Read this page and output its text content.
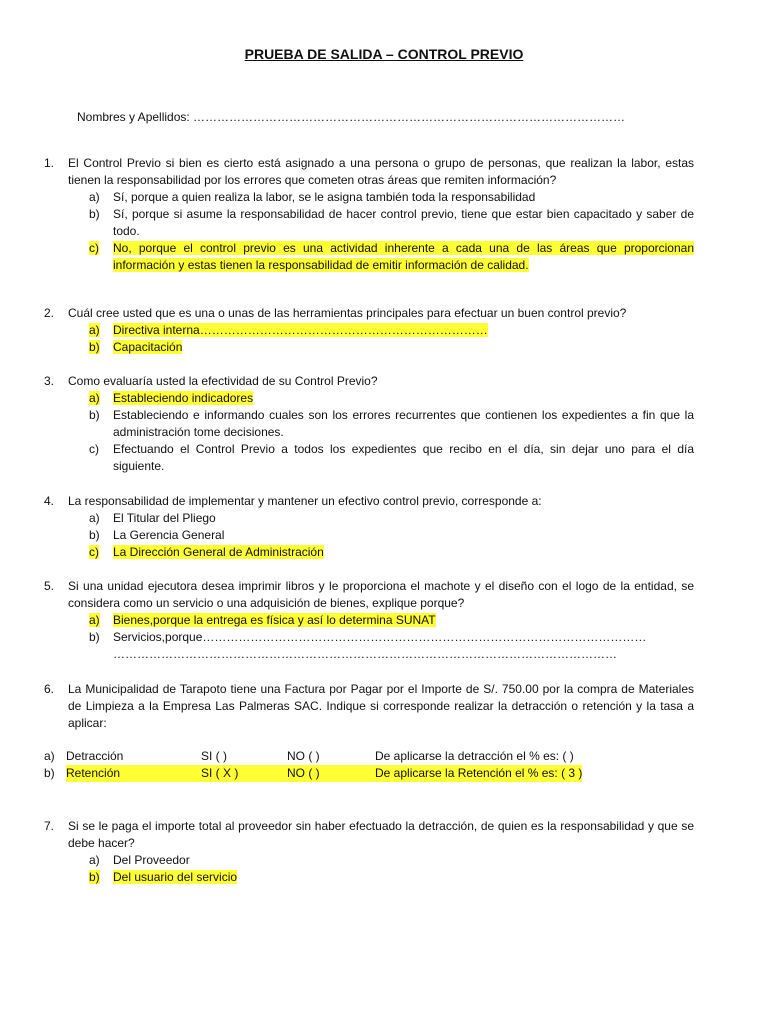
PRUEBA DE SALIDA – CONTROL PREVIO
Nombres y Apellidos: ………………………………………………………………………………………………
1.	El Control Previo si bien es cierto está asignado a una persona o grupo de personas, que realizan la labor, estas tienen la responsabilidad por los errores que cometen otras áreas que remiten información?
a)	Sí, porque a quien realiza la labor, se le asigna también toda la responsabilidad
b)	Sí, porque si asume la responsabilidad de hacer control previo, tiene que estar bien capacitado y saber de todo.
c)	No, porque el control previo es una actividad inherente a cada una de las áreas que proporcionan información y estas tienen la responsabilidad de emitir información de calidad.
2.	Cuál cree usted que es una o unas de las herramientas principales para efectuar un buen control previo?
a)	Directiva interna………………………………………………………………
b)	Capacitación
3.	Como evaluaría usted la efectividad de su Control Previo?
a)	Estableciendo indicadores
b)	Estableciendo e informando cuales son los errores recurrentes que contienen los expedientes a fin que la administración tome decisiones.
c)	Efectuando el Control Previo a todos los expedientes que recibo en el día, sin dejar uno para el día siguiente.
4.	La responsabilidad de implementar y mantener un efectivo control previo, corresponde a:
a)	El Titular del Pliego
b)	La Gerencia General
c)	La Dirección General de Administración
5.	Si una unidad ejecutora desea imprimir libros y le proporciona el machote y el diseño con el logo de la entidad, se considera como un servicio o una adquisición de bienes, explique porque?
a)	Bienes,porque la entrega es física y así lo determina SUNAT
b)	Servicios,porque…………………………………………………………………………………………………
………………………………………………………………………………………………………………
6.	La Municipalidad de Tarapoto tiene una Factura por Pagar por el Importe de S/. 750.00 por la compra de Materiales de Limpieza a la Empresa Las Palmeras SAC. Indique si corresponde realizar la detracción o retención y la tasa a aplicar:
a) Detracción	SI ( )	NO ( )	De aplicarse la detracción el % es: ( )
b) Retención	SI ( X )	NO ( )	De aplicarse la Retención el % es: ( 3 )
7.	Si se le paga el importe total al proveedor sin haber efectuado la detracción, de quien es la responsabilidad y que se debe hacer?
a)	Del Proveedor
b)	Del usuario del servicio
